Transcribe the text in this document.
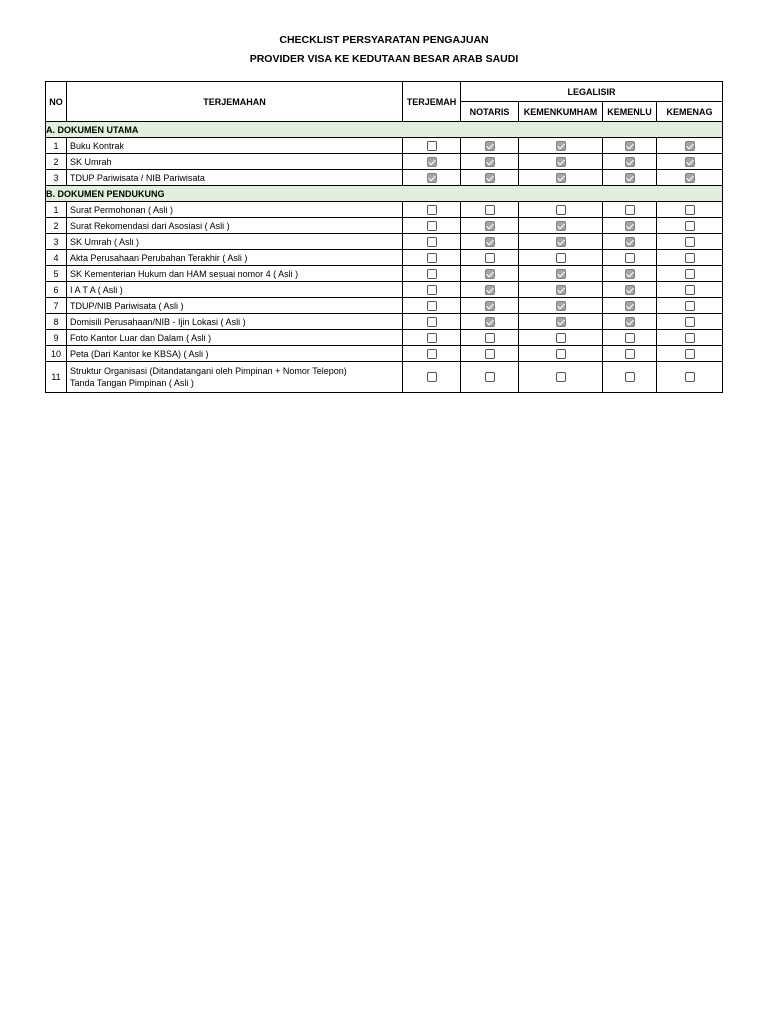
CHECKLIST PERSYARATAN PENGAJUAN
PROVIDER VISA KE KEDUTAAN BESAR ARAB SAUDI
NO	TERJEMAHAN	TERJEMAH	LEGALISIR			
			NOTARIS	KEMENKUMHAM	KEMENLU	KEMENAG
A. DOKUMEN UTAMA						
1	Buku Kontrak					

2	SK Umrah					

3	TDUP Pariwisata / NIB Pariwisata					

B. DOKUMEN PENDUKUNG						
1	Surat Permohonan ( Asli )					

2	Surat Rekomendasi dari Asosiasi ( Asli )					

3	SK Umrah ( Asli )					

4	Akta Perusahaan Perubahan Terakhir ( Asli )					

5	SK Kementerian Hukum dan HAM sesuai nomor 4 ( Asli )					

6	I A T A ( Asli )					

7	TDUP/NIB Pariwisata ( Asli )					

8	Domisili Perusahaan/NIB - Ijin Lokasi ( Asli )					

9	Foto Kantor Luar dan Dalam ( Asli )					

10	Peta (Dari Kantor ke KBSA) ( Asli )					

11	Struktur Organisasi (Ditandatangani oleh Pimpinan + Nomor Telepon)
Tanda Tangan Pimpinan ( Asli )					
